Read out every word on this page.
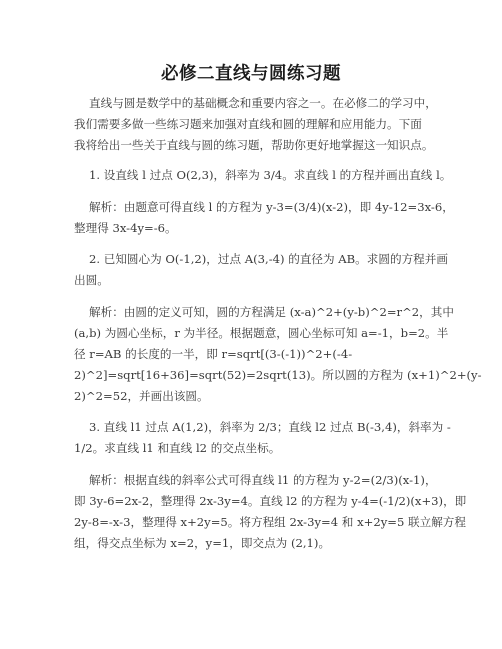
必修二直线与圆练习题
直线与圆是数学中的基础概念和重要内容之一。在必修二的学习中，
我们需要多做一些练习题来加强对直线和圆的理解和应用能力。下面
我将给出一些关于直线与圆的练习题，帮助你更好地掌握这一知识点。
1. 设直线 l 过点 O(2,3)，斜率为 3/4。求直线 l 的方程并画出直线 l。
解析：由题意可得直线 l 的方程为 y-3=(3/4)(x-2)，即 4y-12=3x-6，
整理得 3x-4y=-6。
2. 已知圆心为 O(-1,2)，过点 A(3,-4) 的直径为 AB。求圆的方程并画
出圆。
解析：由圆的定义可知，圆的方程满足 (x-a)^2+(y-b)^2=r^2，其中
(a,b) 为圆心坐标，r 为半径。根据题意，圆心坐标可知 a=-1，b=2。半
径 r=AB 的长度的一半，即 r=sqrt[(3-(-1))^2+(-4-
2)^2]=sqrt[16+36]=sqrt(52)=2sqrt(13)。所以圆的方程为 (x+1)^2+(y-
2)^2=52，并画出该圆。
3. 直线 l1 过点 A(1,2)，斜率为 2/3；直线 l2 过点 B(-3,4)，斜率为 -
1/2。求直线 l1 和直线 l2 的交点坐标。
解析：根据直线的斜率公式可得直线 l1 的方程为 y-2=(2/3)(x-1)，
即 3y-6=2x-2，整理得 2x-3y=4。直线 l2 的方程为 y-4=(-1/2)(x+3)，即
2y-8=-x-3，整理得 x+2y=5。将方程组 2x-3y=4 和 x+2y=5 联立解方程
组，得交点坐标为 x=2，y=1，即交点为 (2,1)。
